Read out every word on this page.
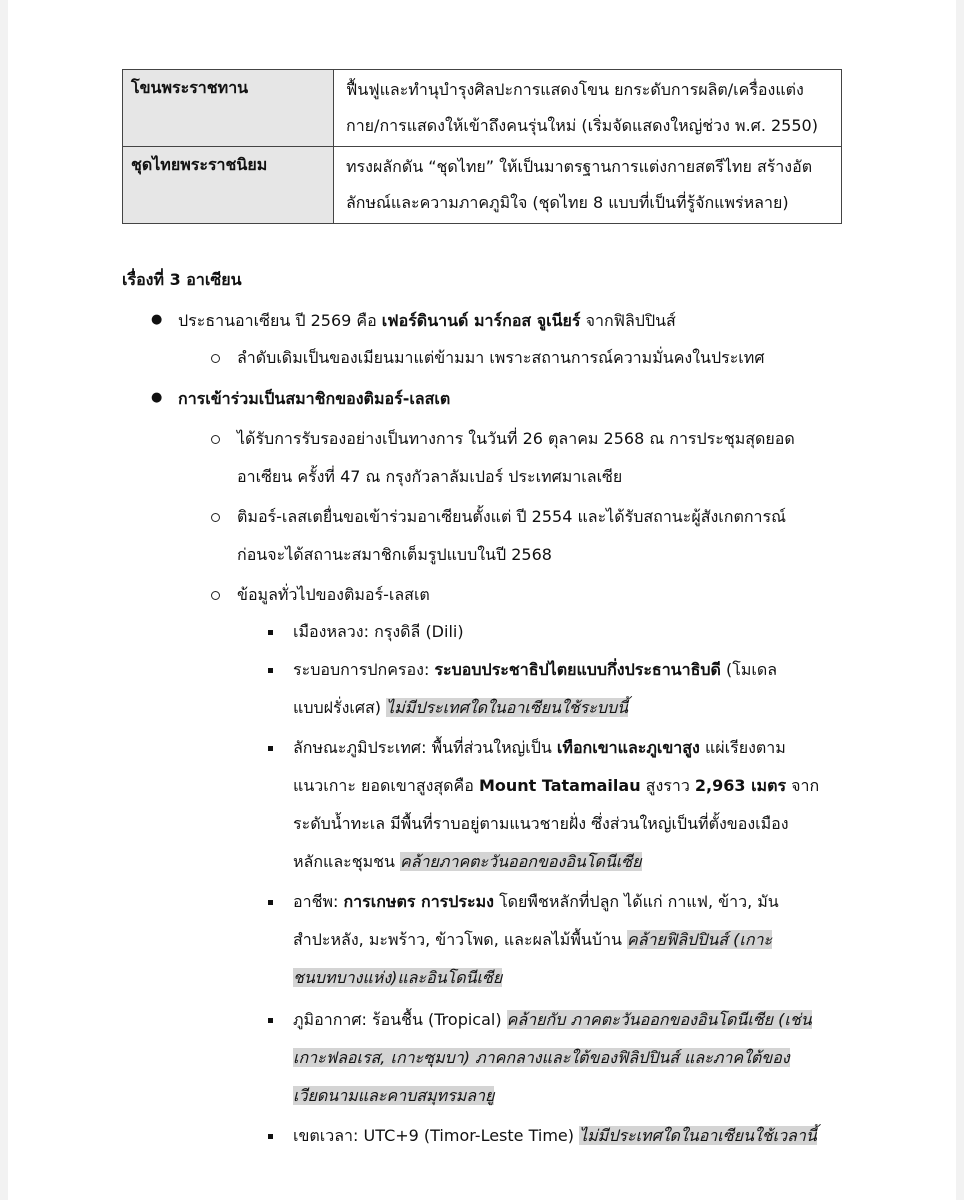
โขนพระราชทาน	ฟื้นฟูและทำนุบำรุงศิลปะการแสดงโขน ยกระดับการผลิต/เครื่องแต่ง
กาย/การแสดงให้เข้าถึงคนรุ่นใหม่ (เริ่มจัดแสดงใหญ่ช่วง พ.ศ. 2550)

ชุดไทยพระราชนิยม	ทรงผลักดัน “ชุดไทย” ให้เป็นมาตรฐานการแต่งกายสตรีไทย สร้างอัต
ลักษณ์และความภาคภูมิใจ (ชุดไทย 8 แบบที่เป็นที่รู้จักแพร่หลาย)
เรื่องที่ 3 อาเซียน
● ประธานอาเซียน ปี 2569 คือ เฟอร์ดินานด์ มาร์กอส จูเนียร์ จากฟิลิปปินส์
ลำดับเดิมเป็นของเมียนมาแต่ข้ามมา เพราะสถานการณ์ความมั่นคงในประเทศ
● การเข้าร่วมเป็นสมาชิกของติมอร์-เลสเต
ได้รับการรับรองอย่างเป็นทางการ ในวันที่ 26 ตุลาคม 2568 ณ การประชุมสุดยอด
อาเซียน ครั้งที่ 47 ณ กรุงกัวลาลัมเปอร์ ประเทศมาเลเซีย
ติมอร์-เลสเตยื่นขอเข้าร่วมอาเซียนตั้งแต่ ปี 2554 และได้รับสถานะผู้สังเกตการณ์
ก่อนจะได้สถานะสมาชิกเต็มรูปแบบในปี 2568
ข้อมูลทั่วไปของติมอร์-เลสเต
เมืองหลวง: กรุงดิลี (Dili)
ระบอบการปกครอง: ระบอบประชาธิปไตยแบบกึ่งประธานาธิบดี (โมเดล
แบบฝรั่งเศส) ไม่มีประเทศใดในอาเซียนใช้ระบบนี้
ลักษณะภูมิประเทศ: พื้นที่ส่วนใหญ่เป็น เทือกเขาและภูเขาสูง แผ่เรียงตาม
แนวเกาะ ยอดเขาสูงสุดคือ Mount Tatamailau สูงราว 2,963 เมตร จาก
ระดับน้ำทะเล มีพื้นที่ราบอยู่ตามแนวชายฝั่ง ซึ่งส่วนใหญ่เป็นที่ตั้งของเมือง
หลักและชุมชน คล้ายภาคตะวันออกของอินโดนีเซีย
อาชีพ: การเกษตร การประมง โดยพืชหลักที่ปลูก ได้แก่ กาแฟ, ข้าว, มัน
สำปะหลัง, มะพร้าว, ข้าวโพด, และผลไม้พื้นบ้าน คล้ายฟิลิปปินส์ (เกาะ
ชนบทบางแห่ง)และอินโดนีเซีย
ภูมิอากาศ: ร้อนชื้น (Tropical) คล้ายกับ ภาคตะวันออกของอินโดนีเซีย (เช่น
เกาะฟลอเรส, เกาะซุมบา) ภาคกลางและใต้ของฟิลิปปินส์ และภาคใต้ของ
เวียดนามและคาบสมุทรมลายู
เขตเวลา: UTC+9 (Timor-Leste Time) ไม่มีประเทศใดในอาเซียนใช้เวลานี้
